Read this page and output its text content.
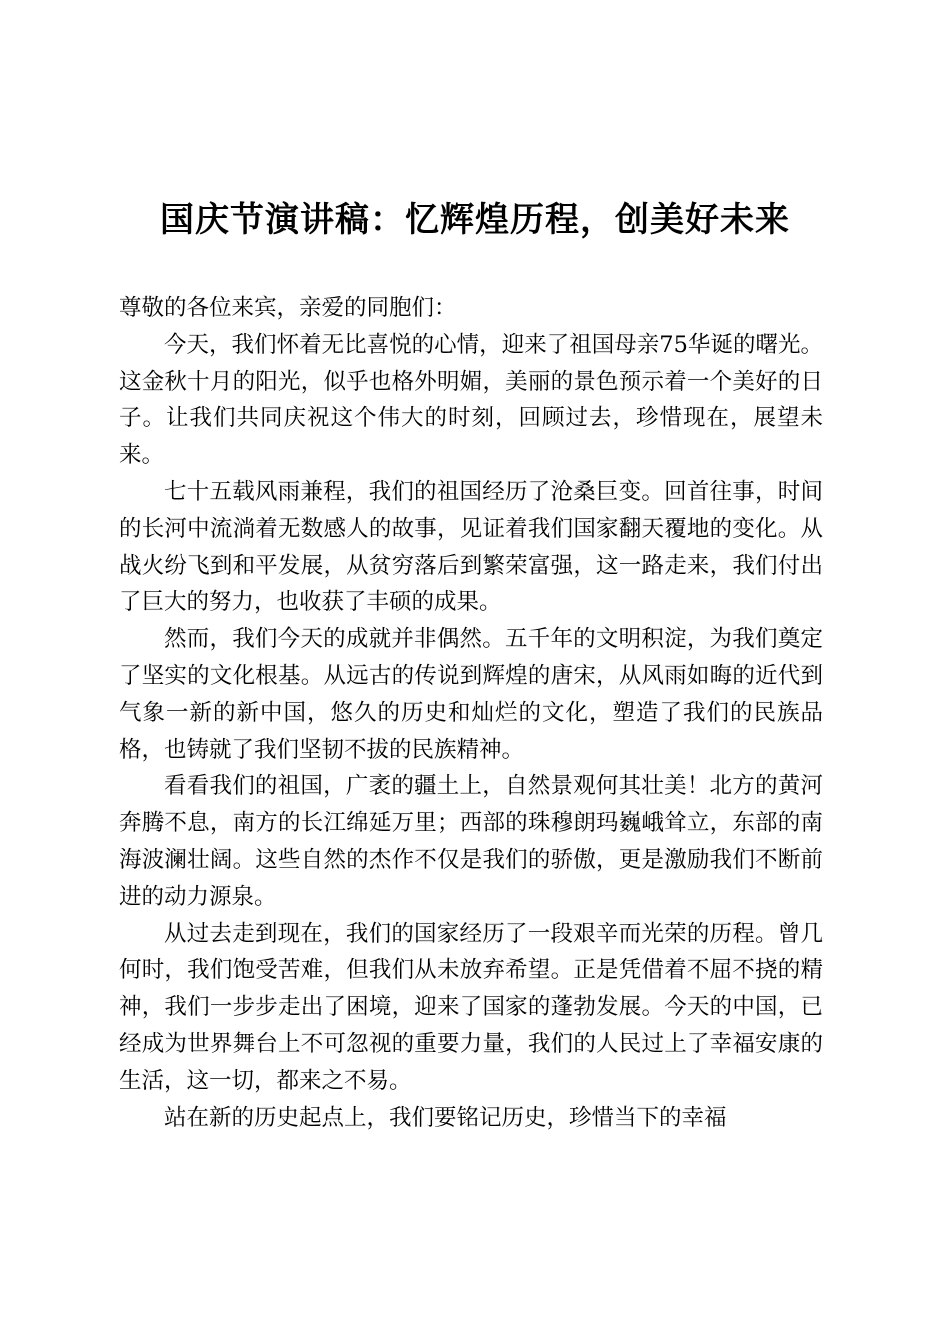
国庆节演讲稿：忆辉煌历程，创美好未来

尊敬的各位来宾，亲爱的同胞们：

今天，我们怀着无比喜悦的心情，迎来了祖国母亲75华诞的曙光。这金秋十月的阳光，似乎也格外明媚，美丽的景色预示着一个美好的日子。让我们共同庆祝这个伟大的时刻，回顾过去，珍惜现在，展望未来。

七十五载风雨兼程，我们的祖国经历了沧桑巨变。回首往事，时间的长河中流淌着无数感人的故事，见证着我们国家翻天覆地的变化。从战火纷飞到和平发展，从贫穷落后到繁荣富强，这一路走来，我们付出了巨大的努力，也收获了丰硕的成果。

然而，我们今天的成就并非偶然。五千年的文明积淀，为我们奠定了坚实的文化根基。从远古的传说到辉煌的唐宋，从风雨如晦的近代到气象一新的新中国，悠久的历史和灿烂的文化，塑造了我们的民族品格，也铸就了我们坚韧不拔的民族精神。

看看我们的祖国，广袤的疆土上，自然景观何其壮美！北方的黄河奔腾不息，南方的长江绵延万里；西部的珠穆朗玛巍峨耸立，东部的南海波澜壮阔。这些自然的杰作不仅是我们的骄傲，更是激励我们不断前进的动力源泉。

从过去走到现在，我们的国家经历了一段艰辛而光荣的历程。曾几何时，我们饱受苦难，但我们从未放弃希望。正是凭借着不屈不挠的精神，我们一步步走出了困境，迎来了国家的蓬勃发展。今天的中国，已经成为世界舞台上不可忽视的重要力量，我们的人民过上了幸福安康的生活，这一切，都来之不易。

站在新的历史起点上，我们要铭记历史，珍惜当下的幸福
